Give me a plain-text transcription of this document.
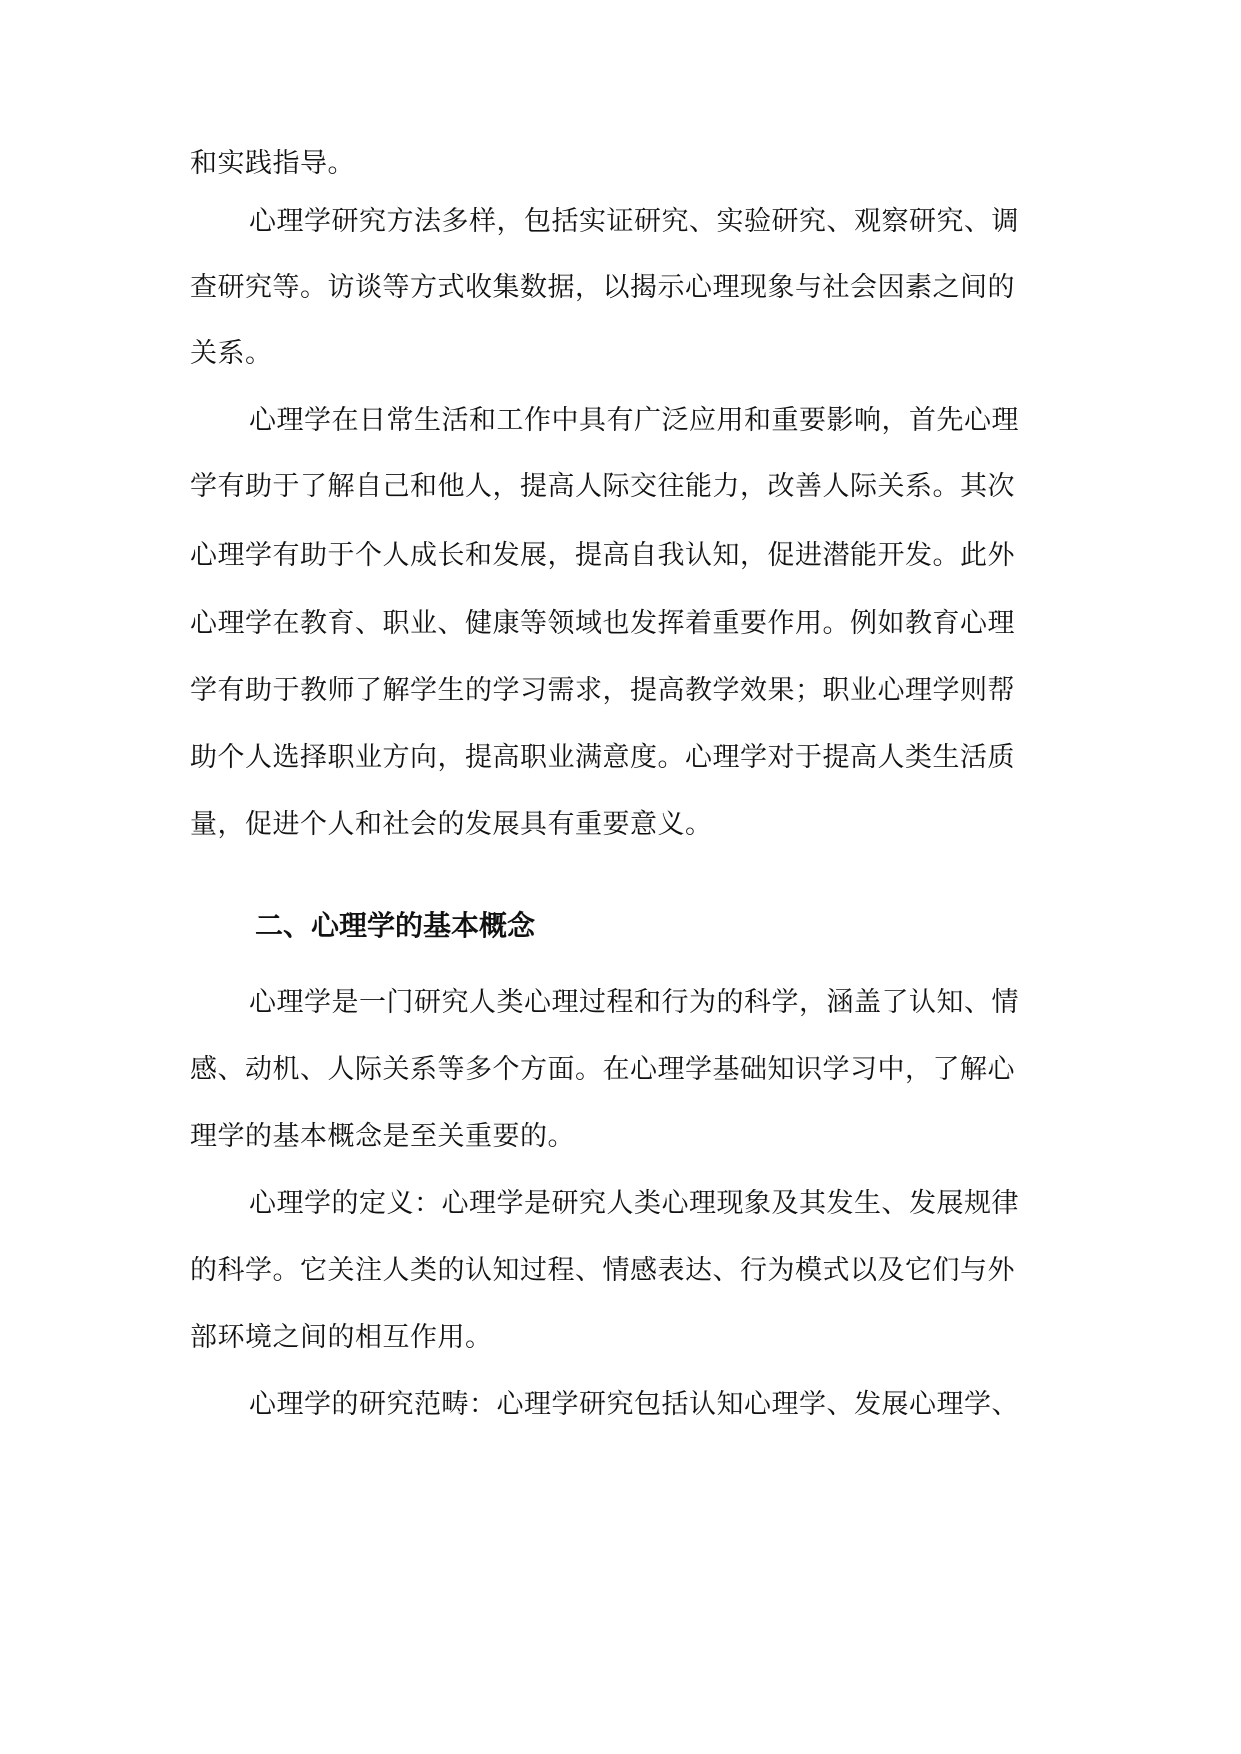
和实践指导。
心理学研究方法多样，包括实证研究、实验研究、观察研究、调
查研究等。访谈等方式收集数据，以揭示心理现象与社会因素之间的
关系。
心理学在日常生活和工作中具有广泛应用和重要影响，首先心理
学有助于了解自己和他人，提高人际交往能力，改善人际关系。其次
心理学有助于个人成长和发展，提高自我认知，促进潜能开发。此外
心理学在教育、职业、健康等领域也发挥着重要作用。例如教育心理
学有助于教师了解学生的学习需求，提高教学效果；职业心理学则帮
助个人选择职业方向，提高职业满意度。心理学对于提高人类生活质
量，促进个人和社会的发展具有重要意义。
二、心理学的基本概念
心理学是一门研究人类心理过程和行为的科学，涵盖了认知、情
感、动机、人际关系等多个方面。在心理学基础知识学习中，了解心
理学的基本概念是至关重要的。
心理学的定义：心理学是研究人类心理现象及其发生、发展规律
的科学。它关注人类的认知过程、情感表达、行为模式以及它们与外
部环境之间的相互作用。
心理学的研究范畴：心理学研究包括认知心理学、发展心理学、
